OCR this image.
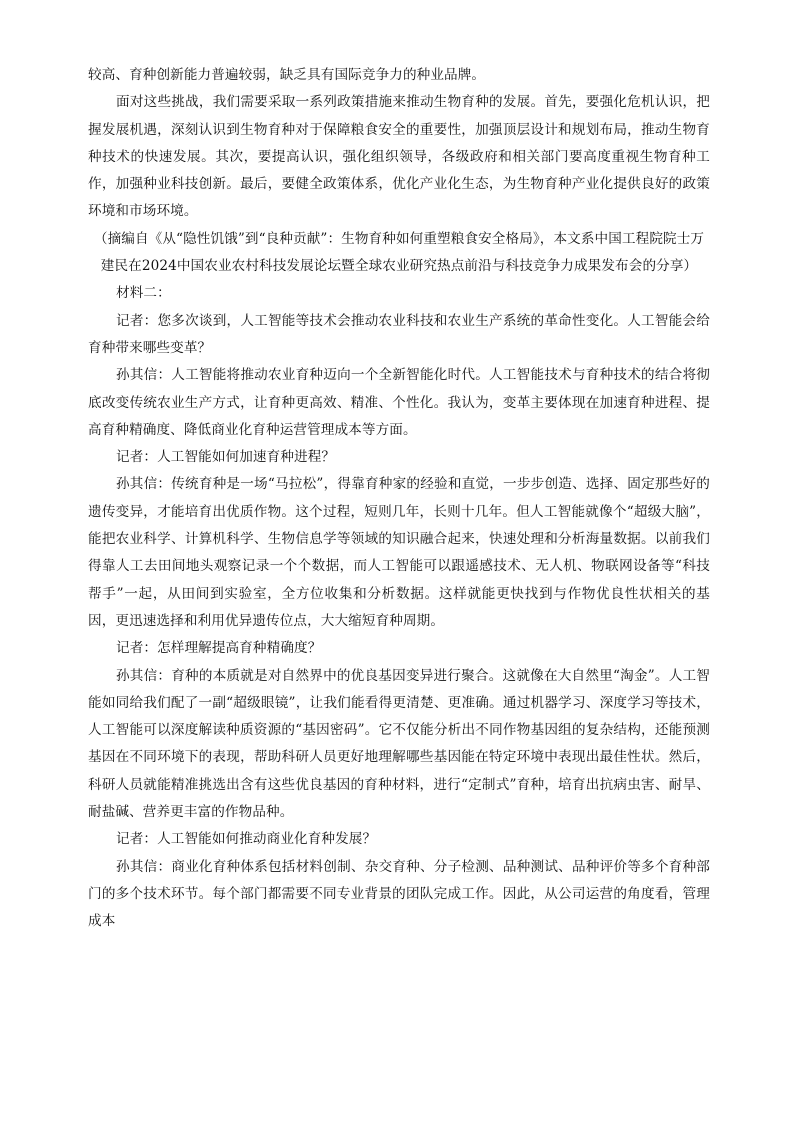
较高、育种创新能力普遍较弱，缺乏具有国际竞争力的种业品牌。

面对这些挑战，我们需要采取一系列政策措施来推动生物育种的发展。首先，要强化危机认识，把握发展机遇，深刻认识到生物育种对于保障粮食安全的重要性，加强顶层设计和规划布局，推动生物育种技术的快速发展。其次，要提高认识，强化组织领导，各级政府和相关部门要高度重视生物育种工作，加强种业科技创新。最后，要健全政策体系，优化产业化生态，为生物育种产业化提供良好的政策环境和市场环境。

（摘编自《从“隐性饥饿”到“良种贡献”：生物育种如何重塑粮食安全格局》，本文系中国工程院院士万建民在2024中国农业农村科技发展论坛暨全球农业研究热点前沿与科技竞争力成果发布会的分享）

材料二：

记者：您多次谈到，人工智能等技术会推动农业科技和农业生产系统的革命性变化。人工智能会给育种带来哪些变革？

孙其信：人工智能将推动农业育种迈向一个全新智能化时代。人工智能技术与育种技术的结合将彻底改变传统农业生产方式，让育种更高效、精准、个性化。我认为，变革主要体现在加速育种进程、提高育种精确度、降低商业化育种运营管理成本等方面。

记者：人工智能如何加速育种进程？

孙其信：传统育种是一场“马拉松”，得靠育种家的经验和直觉，一步步创造、选择、固定那些好的遗传变异，才能培育出优质作物。这个过程，短则几年，长则十几年。但人工智能就像个“超级大脑”，能把农业科学、计算机科学、生物信息学等领域的知识融合起来，快速处理和分析海量数据。以前我们得靠人工去田间地头观察记录一个个数据，而人工智能可以跟遥感技术、无人机、物联网设备等“科技帮手”一起，从田间到实验室，全方位收集和分析数据。这样就能更快找到与作物优良性状相关的基因，更迅速选择和利用优异遗传位点，大大缩短育种周期。

记者：怎样理解提高育种精确度？

孙其信：育种的本质就是对自然界中的优良基因变异进行聚合。这就像在大自然里“淘金”。人工智能如同给我们配了一副“超级眼镜”，让我们能看得更清楚、更准确。通过机器学习、深度学习等技术，人工智能可以深度解读种质资源的“基因密码”。它不仅能分析出不同作物基因组的复杂结构，还能预测基因在不同环境下的表现，帮助科研人员更好地理解哪些基因能在特定环境中表现出最佳性状。然后，科研人员就能精准挑选出含有这些优良基因的育种材料，进行“定制式”育种，培育出抗病虫害、耐旱、耐盐碱、营养更丰富的作物品种。

记者：人工智能如何推动商业化育种发展？

孙其信：商业化育种体系包括材料创制、杂交育种、分子检测、品种测试、品种评价等多个育种部门的多个技术环节。每个部门都需要不同专业背景的团队完成工作。因此，从公司运营的角度看，管理成本
